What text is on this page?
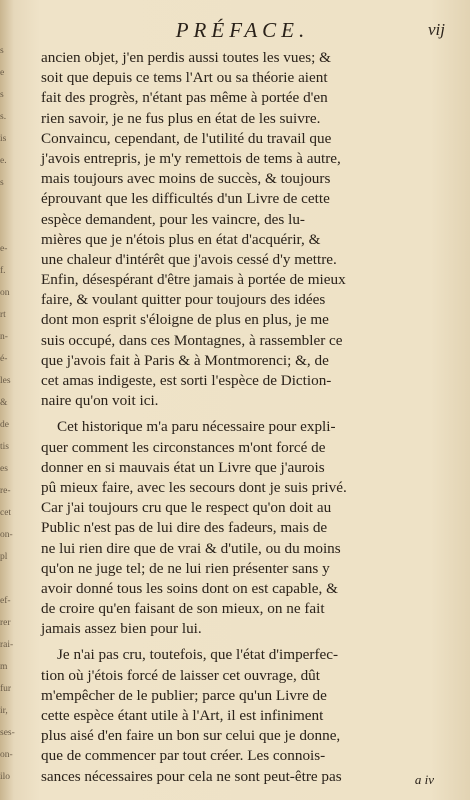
s
e
s
s.
is
e.
s
e-
f.
on
rt
n-
é-
les
&
de
tis
es
re-
cet
on-
pl
ef-
rer
rai-
m
fur
ir,
ses-
on-
ilo
PRÉFACE.	vij
ancien objet, j'en perdis aussi toutes les vues; &
soit que depuis ce tems l'Art ou sa théorie aient
fait des progrès, n'étant pas même à portée d'en
rien savoir, je ne fus plus en état de les suivre.
Convaincu, cependant, de l'utilité du travail que
j'avois entrepris, je m'y remettois de tems à autre,
mais toujours avec moins de succès, & toujours
éprouvant que les difficultés d'un Livre de cette
espèce demandent, pour les vaincre, des lu-
mières que je n'étois plus en état d'acquérir, &
une chaleur d'intérêt que j'avois cessé d'y mettre.
Enfin, désespérant d'être jamais à portée de mieux
faire, & voulant quitter pour toujours des idées
dont mon esprit s'éloigne de plus en plus, je me
suis occupé, dans ces Montagnes, à rassembler ce
que j'avois fait à Paris & à Montmorenci; &, de
cet amas indigeste, est sorti l'espèce de Diction-
naire qu'on voit ici.
Cet historique m'a paru nécessaire pour expli-
quer comment les circonstances m'ont forcé de
donner en si mauvais état un Livre que j'aurois
pû mieux faire, avec les secours dont je suis privé.
Car j'ai toujours cru que le respect qu'on doit au
Public n'est pas de lui dire des fadeurs, mais de
ne lui rien dire que de vrai & d'utile, ou du moins
qu'on ne juge tel; de ne lui rien présenter sans y
avoir donné tous les soins dont on est capable, &
de croire qu'en faisant de son mieux, on ne fait
jamais assez bien pour lui.
Je n'ai pas cru, toutefois, que l'état d'imperfec-
tion où j'étois forcé de laisser cet ouvrage, dût
m'empêcher de le publier; parce qu'un Livre de
cette espèce étant utile à l'Art, il est infiniment
plus aisé d'en faire un bon sur celui que je donne,
que de commencer par tout créer. Les connois-
sances nécessaires pour cela ne sont peut-être pas	a iv
